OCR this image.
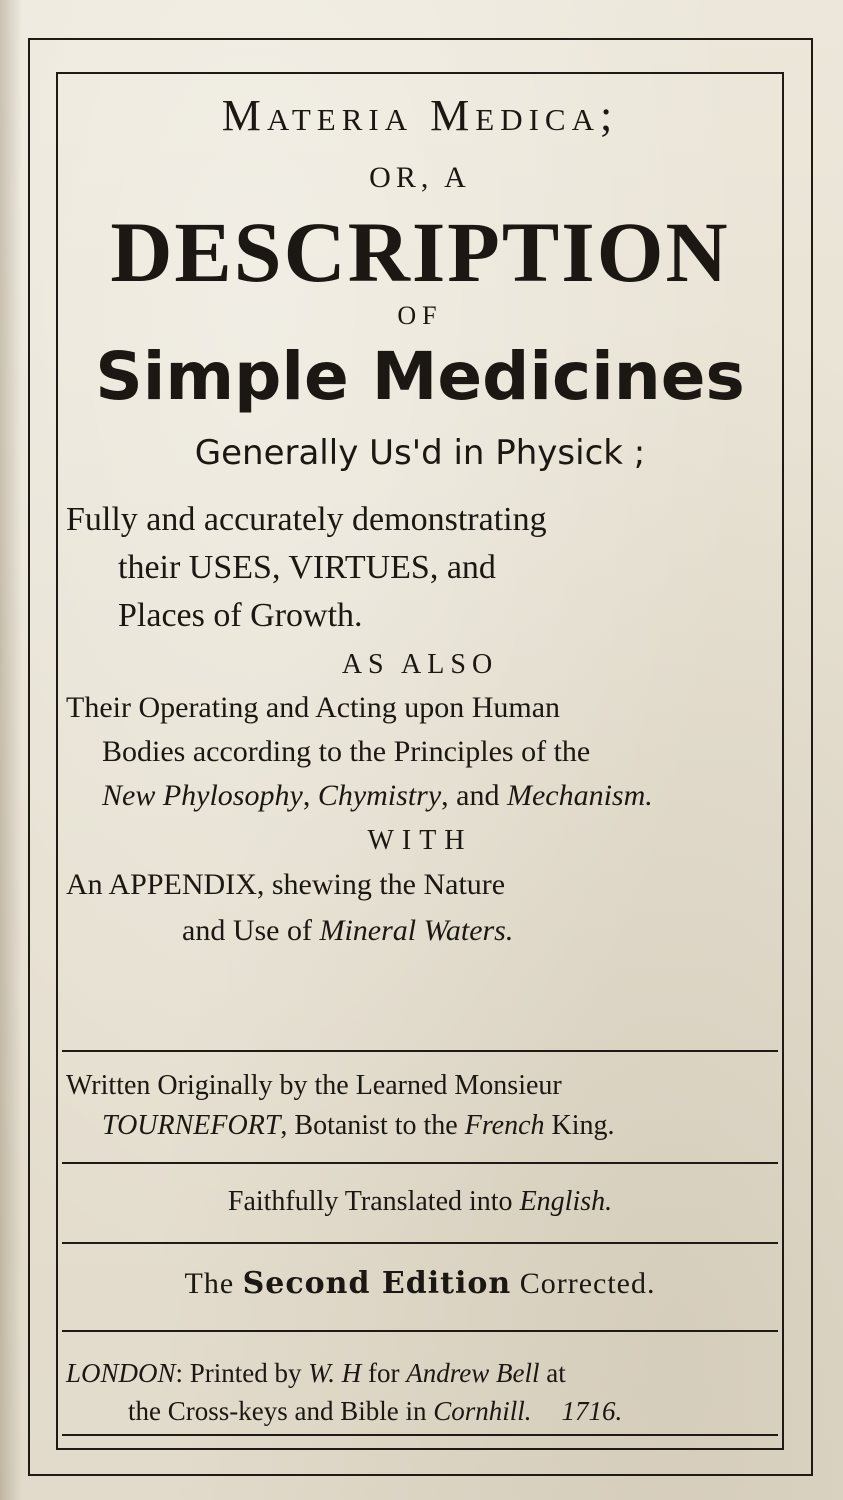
Materia Medica;
OR, A
DESCRIPTION
OF
Simple Medicines
Generally Us'd in Physick ;
Fully and accurately demonstrating
their USES, VIRTUES, and
Places of Growth.
AS ALSO
Their Operating and Acting upon Human
Bodies according to the Principles of the
New Phylosophy, Chymistry, and Mechanism.
WITH
An APPENDIX, shewing the Nature
and Use of Mineral Waters.
Written Originally by the Learned Monsieur
TOURNEFORT, Botanist to the French King.
Faithfully Translated into English.
The Second Edition Corrected.
LONDON: Printed by W. H for Andrew Bell at
the Cross-keys and Bible in Cornhill. 1716.
